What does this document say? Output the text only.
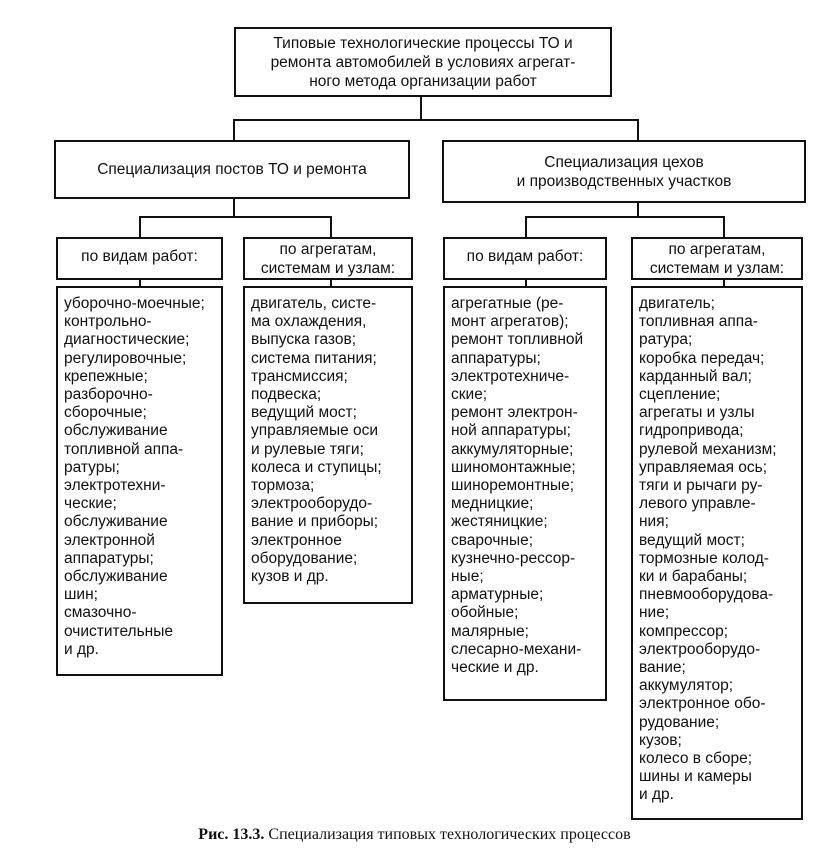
Типовые технологические процессы ТО и
ремонта автомобилей в условиях агрегат-
ного метода организации работ
Специализация постов ТО и ремонта	Специализация цехов
и производственных участков
по видам работ:	по агрегатам,
системам и узлам:
по видам работ:	по агрегатам,
системам и узлам:
уборочно-моечные;
контрольно-
диагностические;
регулировочные;
крепежные;
разборочно-
сборочные;
обслуживание
топливной аппа-
ратуры;
электротехни-
ческие;
обслуживание
электронной
аппаратуры;
обслуживание
шин;
смазочно-
очистительные
и др.
двигатель, систе-
ма охлаждения,
выпуска газов;
система питания;
трансмиссия;
подвеска;
ведущий мост;
управляемые оси
и рулевые тяги;
колеса и ступицы;
тормоза;
электрооборудо-
вание и приборы;
электронное
оборудование;
кузов и др.
агрегатные (ре-
монт агрегатов);
ремонт топливной
аппаратуры;
электротехниче-
ские;
ремонт электрон-
ной аппаратуры;
аккумуляторные;
шиномонтажные;
шиноремонтные;
медницкие;
жестяницкие;
сварочные;
кузнечно-рессор-
ные;
арматурные;
обойные;
малярные;
слесарно-механи-
ческие и др.
двигатель;
топливная аппа-
ратура;
коробка передач;
карданный вал;
сцепление;
агрегаты и узлы
гидропривода;
рулевой механизм;
управляемая ось;
тяги и рычаги ру-
левого управле-
ния;
ведущий мост;
тормозные колод-
ки и барабаны;
пневмооборудова-
ние;
компрессор;
электрооборудо-
вание;
аккумулятор;
электронное обо-
рудование;
кузов;
колесо в сборе;
шины и камеры
и др.
Рис. 13.3. Специализация типовых технологических процессов
